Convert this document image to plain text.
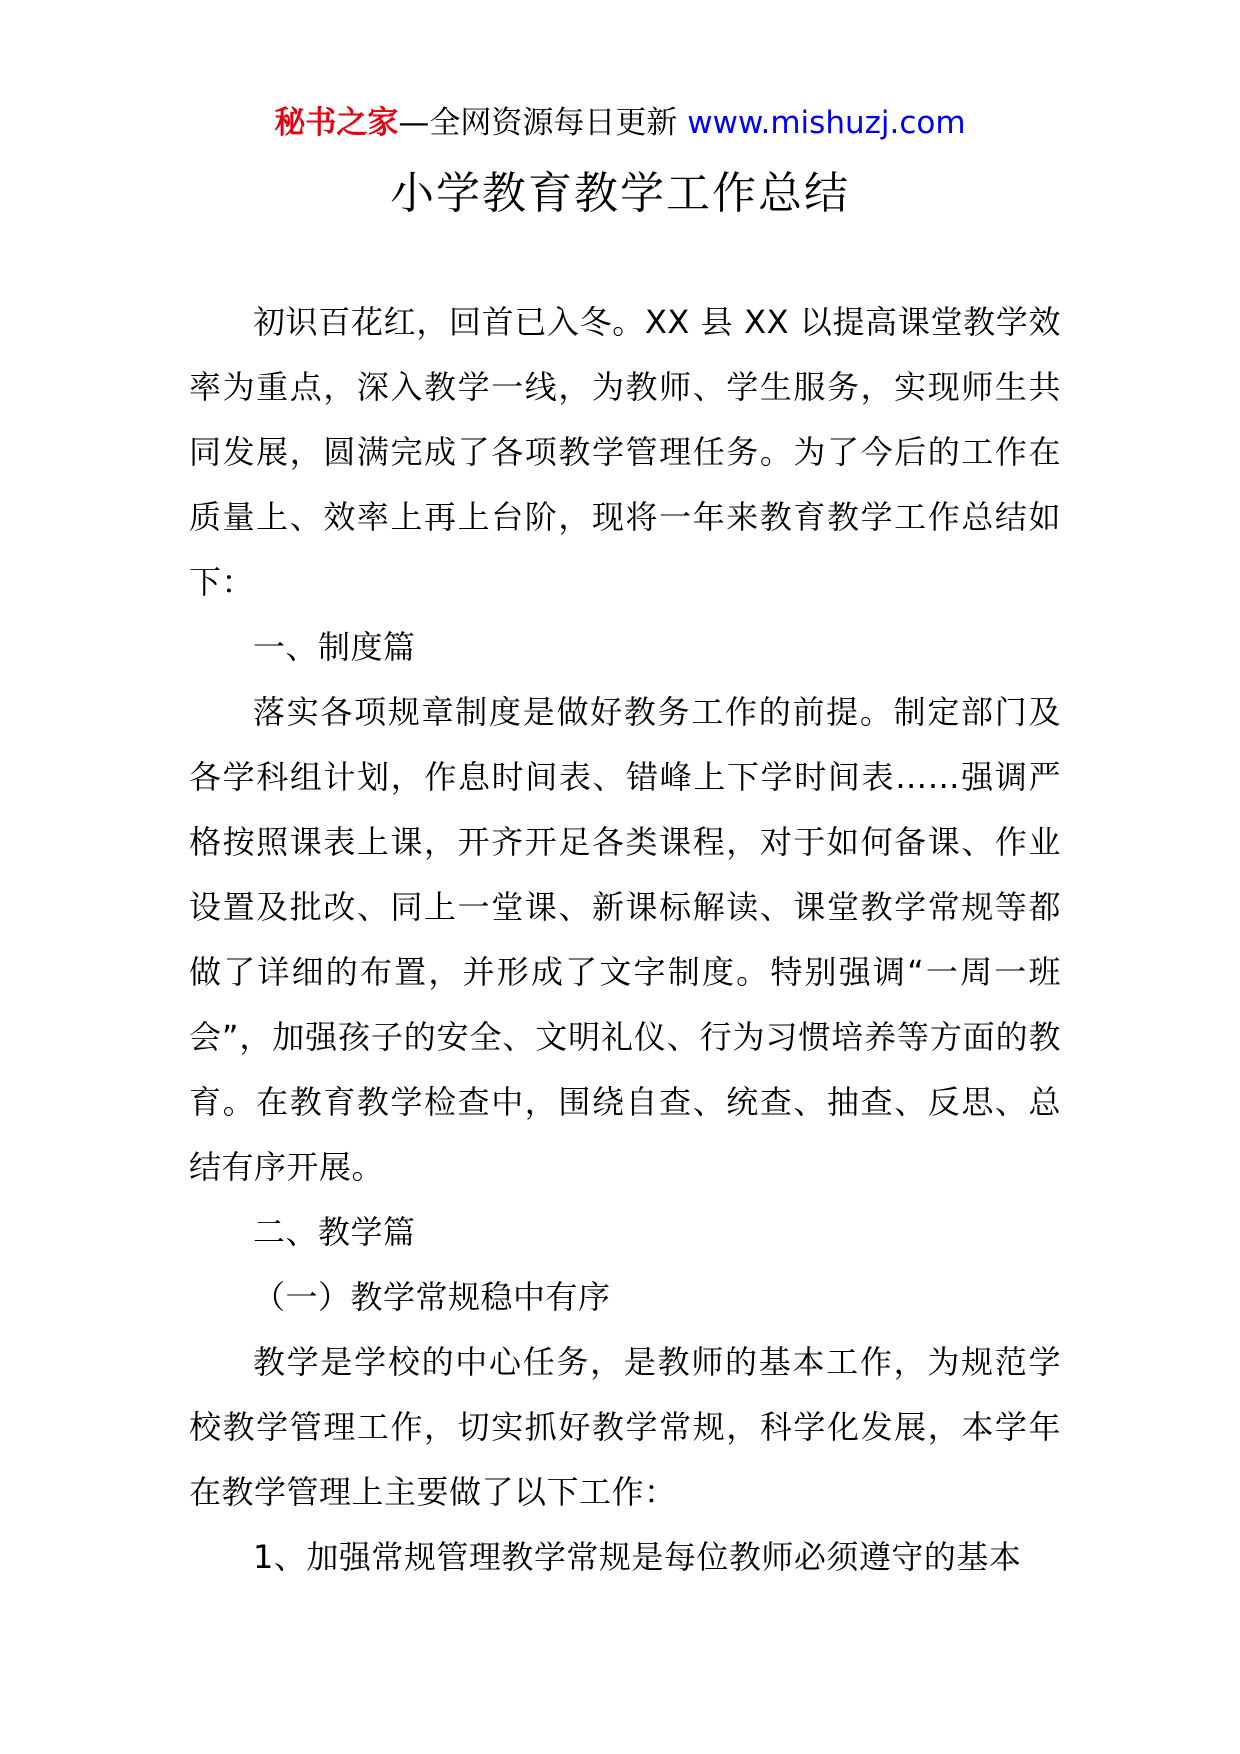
秘书之家—全网资源每日更新 www.mishuzj.com
小学教育教学工作总结

初识百花红，回首已入冬。XX 县 XX 以提高课堂教学效率为重点，深入教学一线，为教师、学生服务，实现师生共同发展，圆满完成了各项教学管理任务。为了今后的工作在质量上、效率上再上台阶，现将一年来教育教学工作总结如下：

一、制度篇

落实各项规章制度是做好教务工作的前提。制定部门及各学科组计划，作息时间表、错峰上下学时间表……强调严格按照课表上课，开齐开足各类课程，对于如何备课、作业设置及批改、同上一堂课、新课标解读、课堂教学常规等都做了详细的布置，并形成了文字制度。特别强调“一周一班会”，加强孩子的安全、文明礼仪、行为习惯培养等方面的教育。在教育教学检查中，围绕自查、统查、抽查、反思、总结有序开展。

二、教学篇

（一）教学常规稳中有序

教学是学校的中心任务，是教师的基本工作，为规范学校教学管理工作，切实抓好教学常规，科学化发展，本学年在教学管理上主要做了以下工作：

1、加强常规管理教学常规是每位教师必须遵守的基本
